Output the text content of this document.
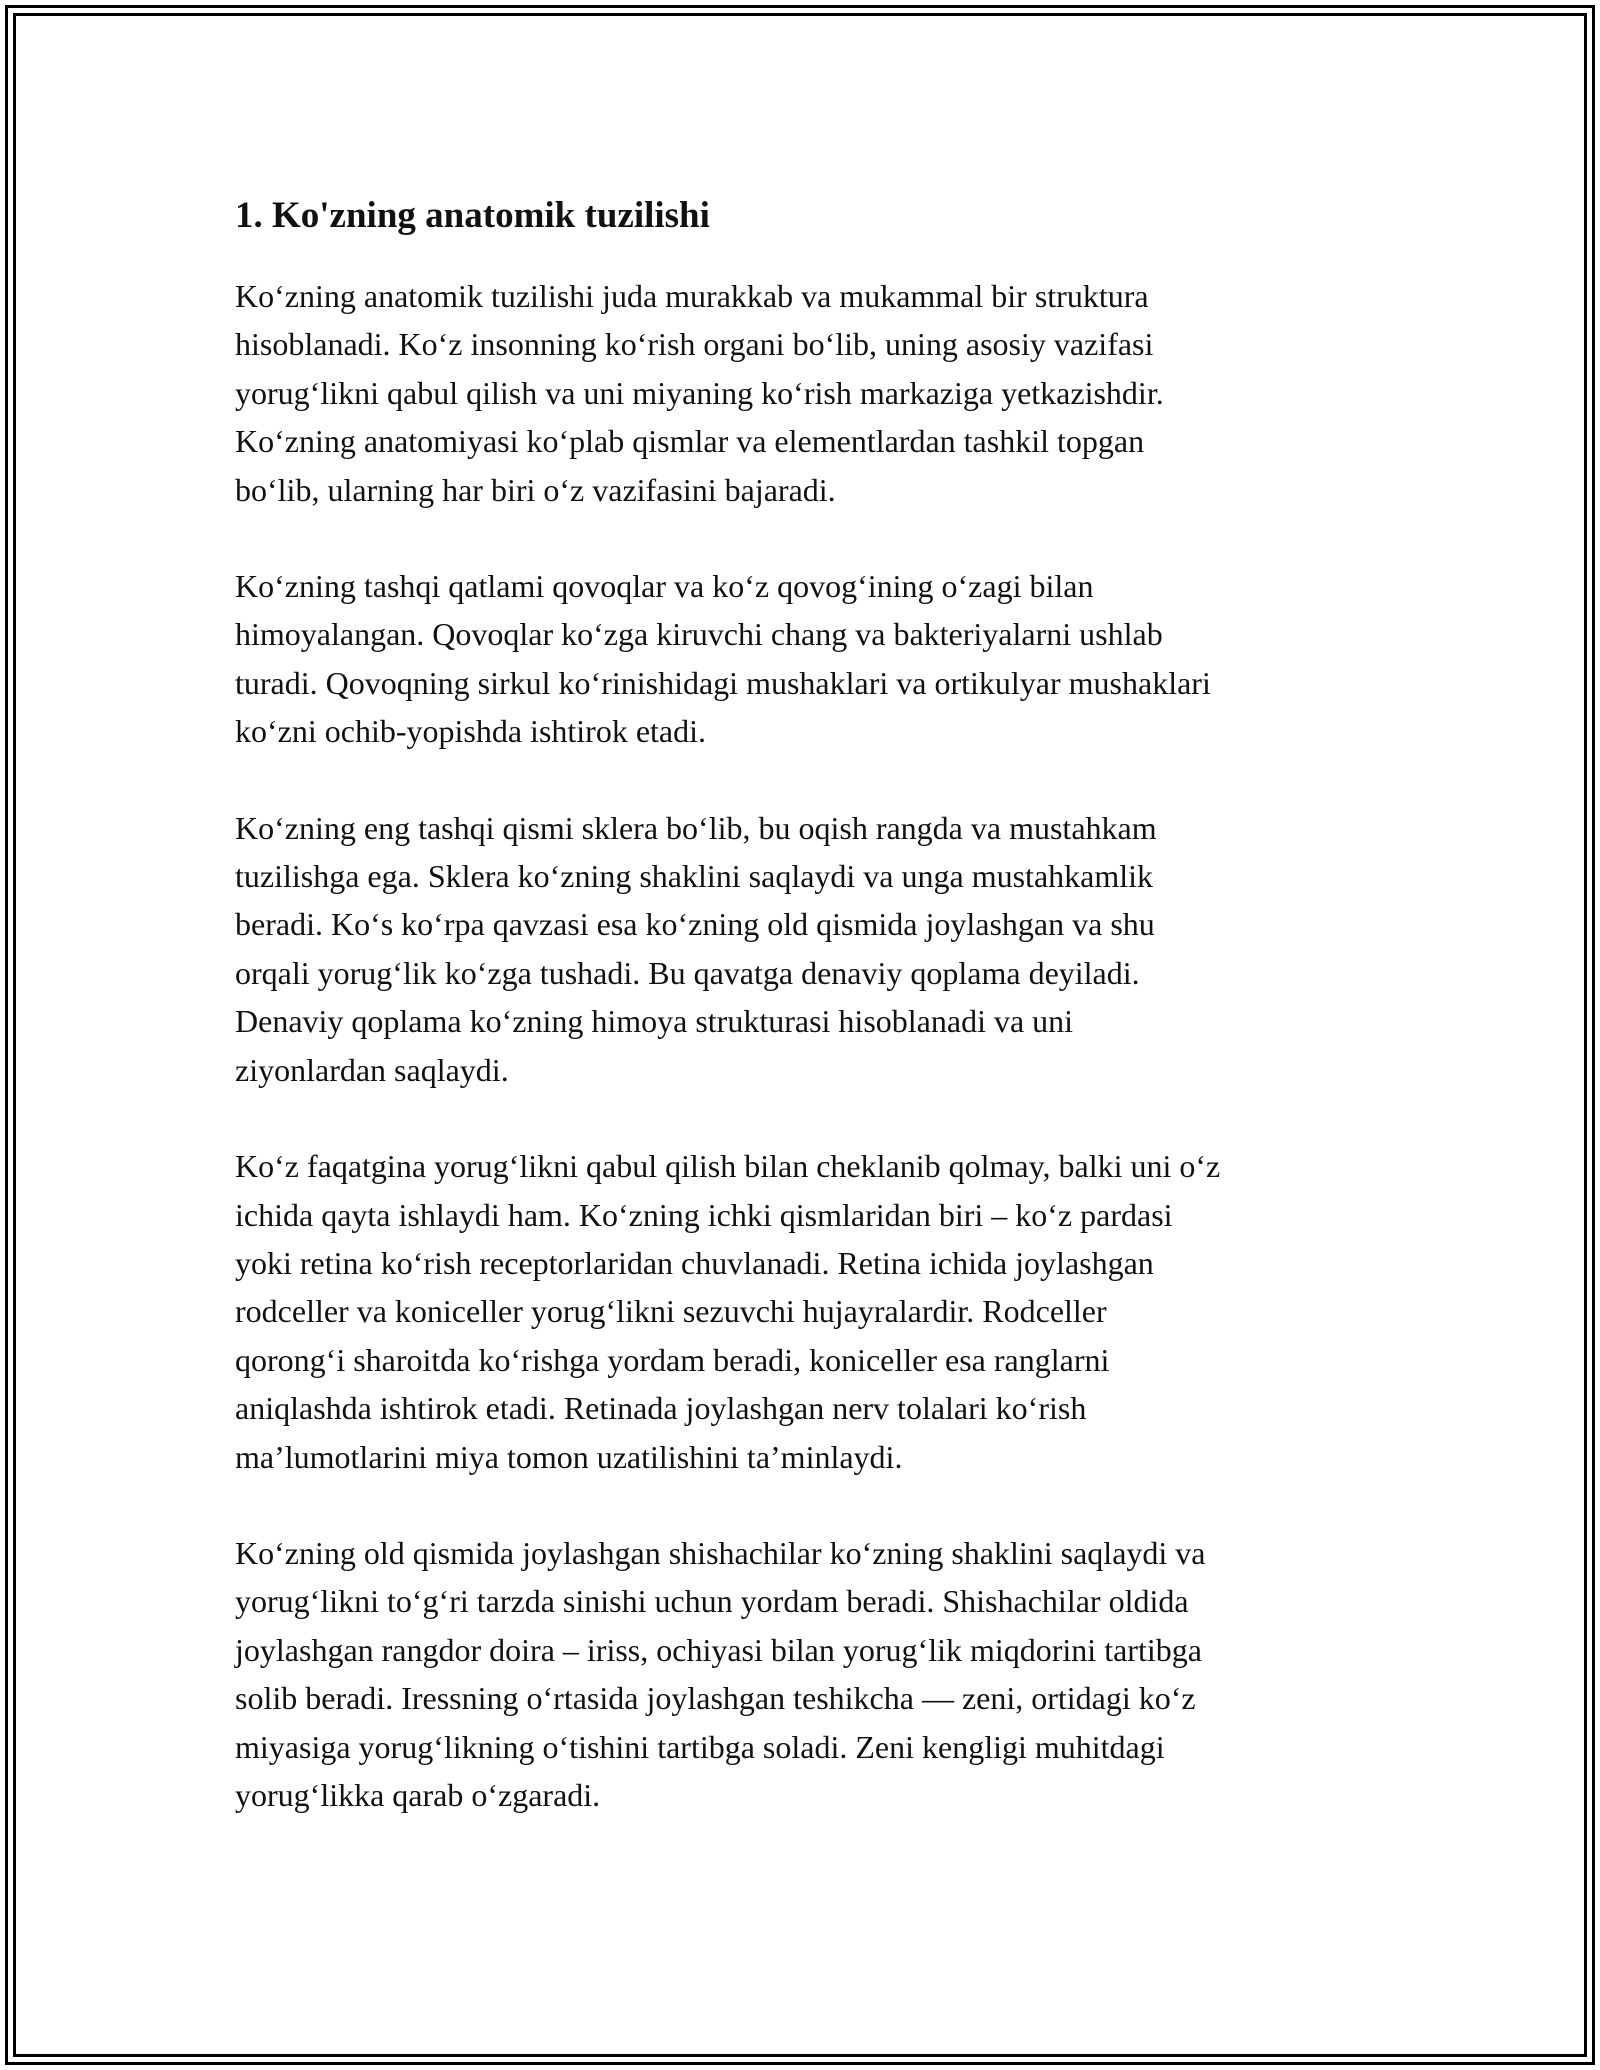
1. Ko'zning anatomik tuzilishi

Ko‘zning anatomik tuzilishi juda murakkab va mukammal bir struktura
hisoblanadi. Ko‘z insonning ko‘rish organi bo‘lib, uning asosiy vazifasi
yorug‘likni qabul qilish va uni miyaning ko‘rish markaziga yetkazishdir.
Ko‘zning anatomiyasi ko‘plab qismlar va elementlardan tashkil topgan
bo‘lib, ularning har biri o‘z vazifasini bajaradi.

Ko‘zning tashqi qatlami qovoqlar va ko‘z qovog‘ining o‘zagi bilan
himoyalangan. Qovoqlar ko‘zga kiruvchi chang va bakteriyalarni ushlab
turadi. Qovoqning sirkul ko‘rinishidagi mushaklari va ortikulyar mushaklari
ko‘zni ochib-yopishda ishtirok etadi.

Ko‘zning eng tashqi qismi sklera bo‘lib, bu oqish rangda va mustahkam
tuzilishga ega. Sklera ko‘zning shaklini saqlaydi va unga mustahkamlik
beradi. Ko‘s ko‘rpa qavzasi esa ko‘zning old qismida joylashgan va shu
orqali yorug‘lik ko‘zga tushadi. Bu qavatga denaviy qoplama deyiladi.
Denaviy qoplama ko‘zning himoya strukturasi hisoblanadi va uni
ziyonlardan saqlaydi.

Ko‘z faqatgina yorug‘likni qabul qilish bilan cheklanib qolmay, balki uni o‘z
ichida qayta ishlaydi ham. Ko‘zning ichki qismlaridan biri – ko‘z pardasi
yoki retina ko‘rish receptorlaridan chuvlanadi. Retina ichida joylashgan
rodceller va koniceller yorug‘likni sezuvchi hujayralardir. Rodceller
qorong‘i sharoitda ko‘rishga yordam beradi, koniceller esa ranglarni
aniqlashda ishtirok etadi. Retinada joylashgan nerv tolalari ko‘rish
ma’lumotlarini miya tomon uzatilishini ta’minlaydi.

Ko‘zning old qismida joylashgan shishachilar ko‘zning shaklini saqlaydi va
yorug‘likni to‘g‘ri tarzda sinishi uchun yordam beradi. Shishachilar oldida
joylashgan rangdor doira – iriss, ochiyasi bilan yorug‘lik miqdorini tartibga
solib beradi. Iressning o‘rtasida joylashgan teshikcha — zeni, ortidagi ko‘z
miyasiga yorug‘likning o‘tishini tartibga soladi. Zeni kengligi muhitdagi
yorug‘likka qarab o‘zgaradi.
